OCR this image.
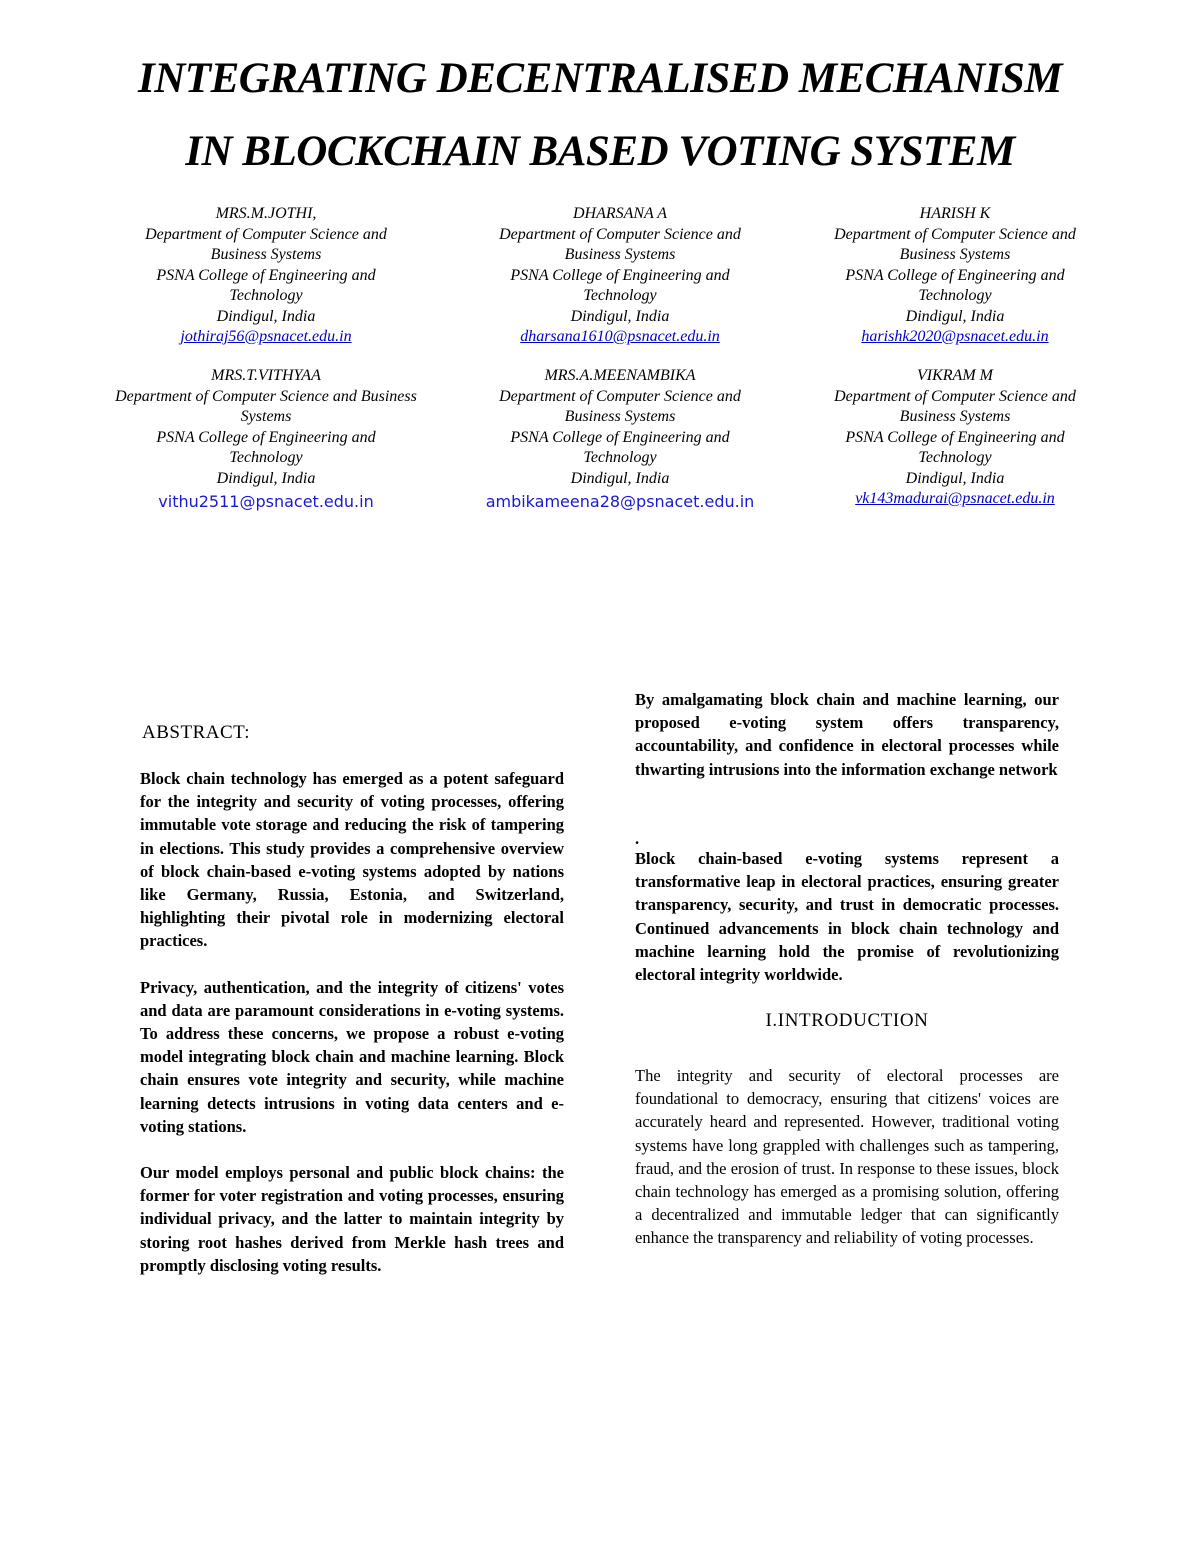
INTEGRATING DECENTRALISED MECHANISM
IN BLOCKCHAIN BASED VOTING SYSTEM
MRS.M.JOTHI,
Department of Computer Science and
Business Systems
PSNA College of Engineering and
Technology
Dindigul, India
jothiraj56@psnacet.edu.in
DHARSANA A
Department of Computer Science and
Business Systems
PSNA College of Engineering and
Technology
Dindigul, India
dharsana1610@psnacet.edu.in
HARISH K
Department of Computer Science and
Business Systems
PSNA College of Engineering and
Technology
Dindigul, India
harishk2020@psnacet.edu.in
MRS.T.VITHYAA
Department of Computer Science and Business
Systems
PSNA College of Engineering and
Technology
Dindigul, India
vithu2511@psnacet.edu.in
MRS.A.MEENAMBIKA
Department of Computer Science and
Business Systems
PSNA College of Engineering and
Technology
Dindigul, India
ambikameena28@psnacet.edu.in
VIKRAM M
Department of Computer Science and
Business Systems
PSNA College of Engineering and
Technology
Dindigul, India
vk143madurai@psnacet.edu.in
ABSTRACT:

Block chain technology has emerged as a potent safeguard for the integrity and security of voting processes, offering immutable vote storage and reducing the risk of tampering in elections. This study provides a comprehensive overview of block chain-based e-voting systems adopted by nations like Germany, Russia, Estonia, and Switzerland, highlighting their pivotal role in modernizing electoral practices.

Privacy, authentication, and the integrity of citizens' votes and data are paramount considerations in e-voting systems. To address these concerns, we propose a robust e-voting model integrating block chain and machine learning. Block chain ensures vote integrity and security, while machine learning detects intrusions in voting data centers and e-voting stations.

Our model employs personal and public block chains: the former for voter registration and voting processes, ensuring individual privacy, and the latter to maintain integrity by storing root hashes derived from Merkle hash trees and promptly disclosing voting results.

By amalgamating block chain and machine learning, our proposed e-voting system offers transparency, accountability, and confidence in electoral processes while thwarting intrusions into the information exchange network

.

Block chain-based e-voting systems represent a transformative leap in electoral practices, ensuring greater transparency, security, and trust in democratic processes. Continued advancements in block chain technology and machine learning hold the promise of revolutionizing electoral integrity worldwide.

I.INTRODUCTION

The integrity and security of electoral processes are foundational to democracy, ensuring that citizens' voices are accurately heard and represented. However, traditional voting systems have long grappled with challenges such as tampering, fraud, and the erosion of trust. In response to these issues, block chain technology has emerged as a promising solution, offering a decentralized and immutable ledger that can significantly enhance the transparency and reliability of voting processes.
